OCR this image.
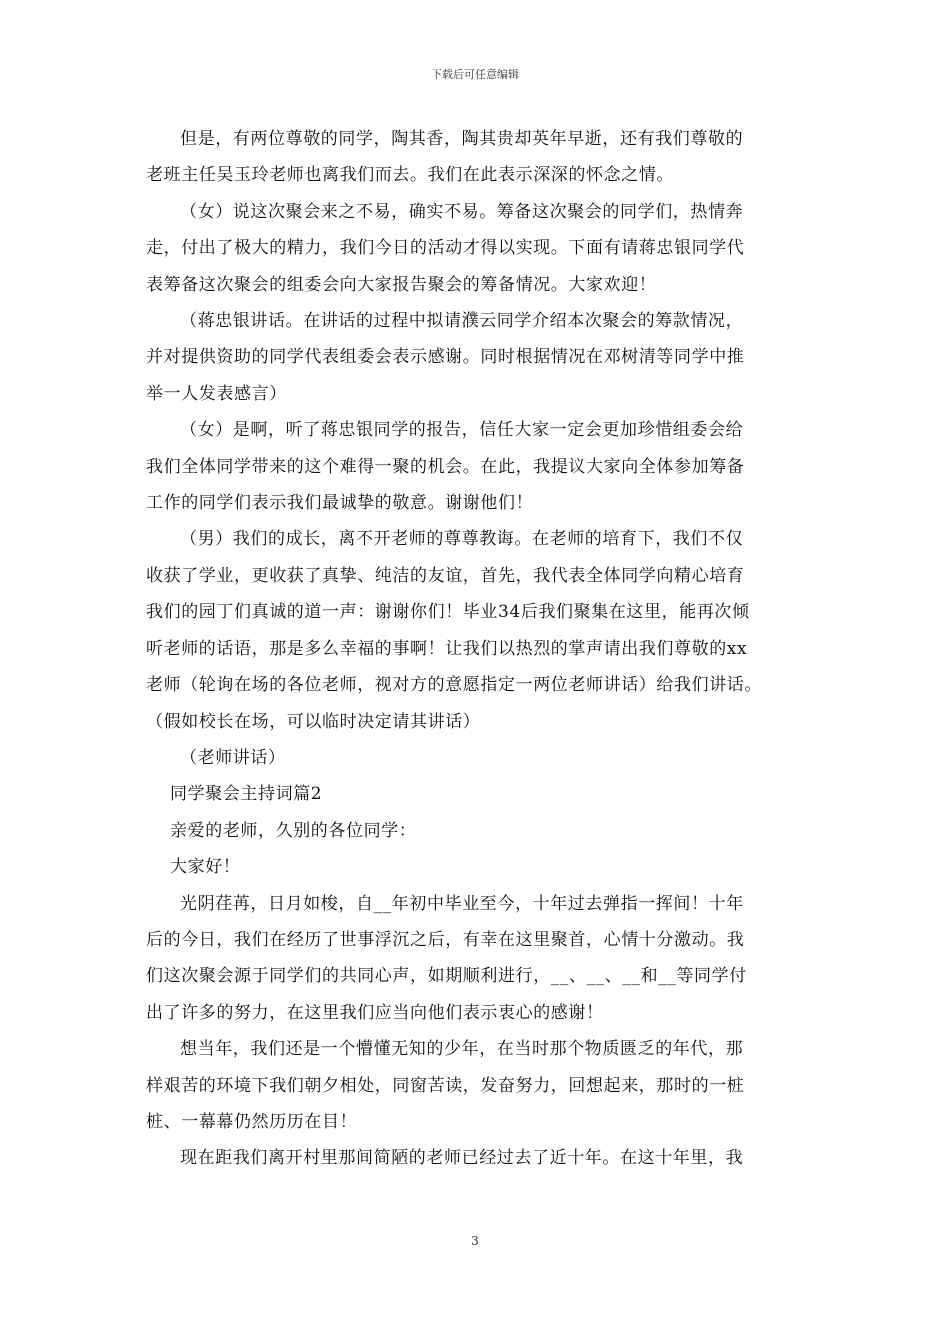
下载后可任意编辑

但是，有两位尊敬的同学，陶其香，陶其贵却英年早逝，还有我们尊敬的

老班主任吴玉玲老师也离我们而去。我们在此表示深深的怀念之情。

（女）说这次聚会来之不易，确实不易。筹备这次聚会的同学们，热情奔

走，付出了极大的精力，我们今日的活动才得以实现。下面有请蒋忠银同学代

表筹备这次聚会的组委会向大家报告聚会的筹备情况。大家欢迎！

（蒋忠银讲话。在讲话的过程中拟请濮云同学介绍本次聚会的筹款情况，

并对提供资助的同学代表组委会表示感谢。同时根据情况在邓树清等同学中推

举一人发表感言）

（女）是啊，听了蒋忠银同学的报告，信任大家一定会更加珍惜组委会给

我们全体同学带来的这个难得一聚的机会。在此，我提议大家向全体参加筹备

工作的同学们表示我们最诚挚的敬意。谢谢他们！

（男）我们的成长，离不开老师的尊尊教诲。在老师的培育下，我们不仅

收获了学业，更收获了真挚、纯洁的友谊，首先，我代表全体同学向精心培育

我们的园丁们真诚的道一声：谢谢你们！毕业34后我们聚集在这里，能再次倾

听老师的话语，那是多么幸福的事啊！让我们以热烈的掌声请出我们尊敬的xx

老师（轮询在场的各位老师，视对方的意愿指定一两位老师讲话）给我们讲话。

（假如校长在场，可以临时决定请其讲话）

（老师讲话）

同学聚会主持词篇2

亲爱的老师，久别的各位同学：

大家好！

光阴荏苒，日月如梭，自__年初中毕业至今，十年过去弹指一挥间！十年

后的今日，我们在经历了世事浮沉之后，有幸在这里聚首，心情十分激动。我

们这次聚会源于同学们的共同心声，如期顺利进行，__、__、__和__等同学付

出了许多的努力，在这里我们应当向他们表示衷心的感谢！

想当年，我们还是一个懵懂无知的少年，在当时那个物质匮乏的年代，那

样艰苦的环境下我们朝夕相处，同窗苦读，发奋努力，回想起来，那时的一桩

桩、一幕幕仍然历历在目！

现在距我们离开村里那间简陋的老师已经过去了近十年。在这十年里，我

3
